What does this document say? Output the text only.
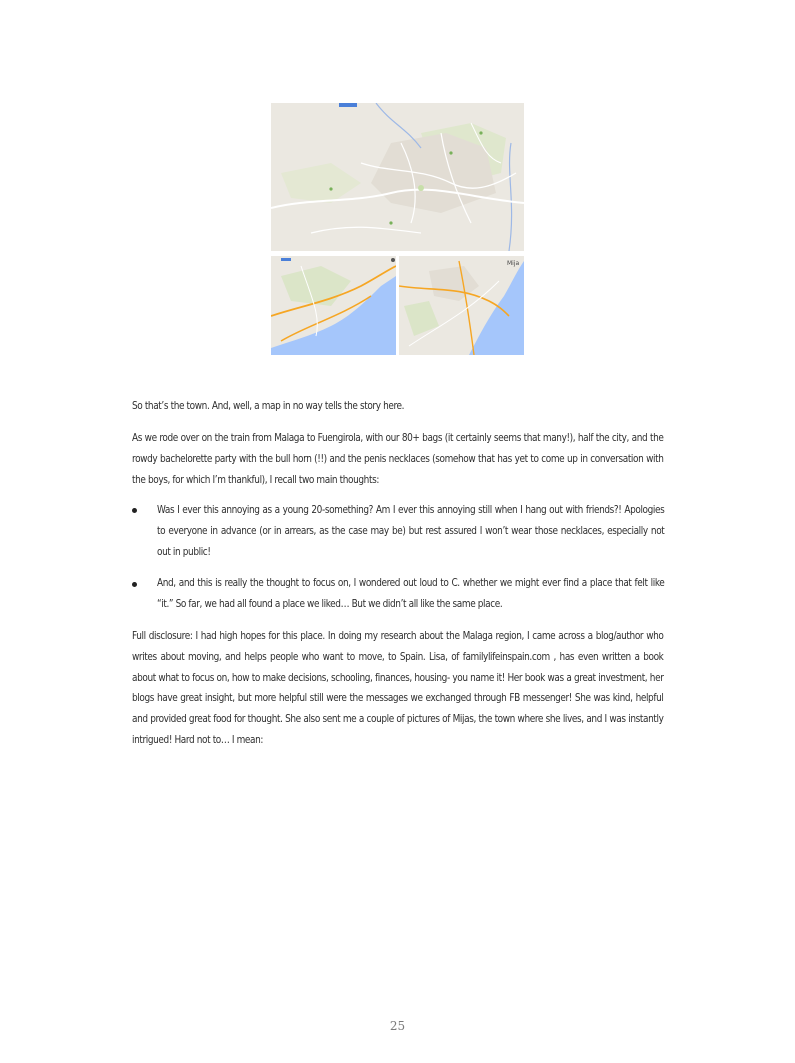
Mija
So that’s the town. And, well, a map in no way tells the story here.
As we rode over on the train from Malaga to Fuengirola, with our 80+ bags (it certainly seems that many!), half the city, and the rowdy bachelorette party with the bull horn (!!) and the penis necklaces (somehow that has yet to come up in conversation with the boys, for which I’m thankful), I recall two main thoughts:
Was I ever this annoying as a young 20-something? Am I ever this annoying still when I hang out with friends?! Apologies to everyone in advance (or in arrears, as the case may be) but rest assured I won’t wear those necklaces, especially not out in public!
And, and this is really the thought to focus on, I wondered out loud to C. whether we might ever find a place that felt like “it.” So far, we had all found a place we liked… But we didn’t all like the same place.
Full disclosure: I had high hopes for this place. In doing my research about the Malaga region, I came across a blog/author who writes about moving, and helps people who want to move, to Spain. Lisa, of familylifeinspain.com , has even written a book about what to focus on, how to make decisions, schooling, finances, housing- you name it! Her book was a great investment, her blogs have great insight, but more helpful still were the messages we exchanged through FB messenger! She was kind, helpful and provided great food for thought. She also sent me a couple of pictures of Mijas, the town where she lives, and I was instantly intrigued! Hard not to… I mean:
25
